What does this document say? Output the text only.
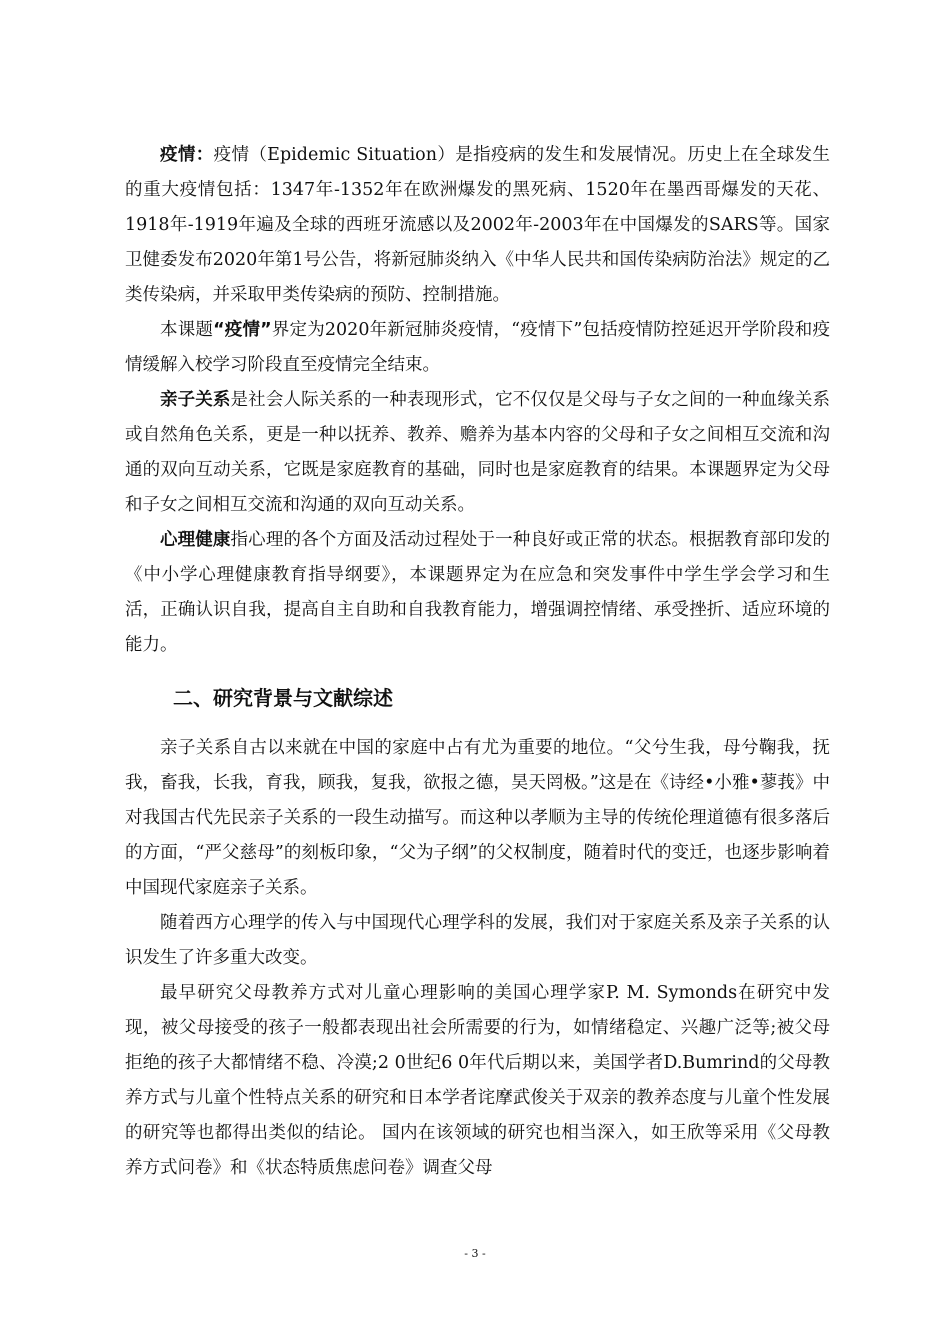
疫情：疫情（Epidemic Situation）是指疫病的发生和发展情况。历史上在全球发生的重大疫情包括：1347年-1352年在欧洲爆发的黑死病、1520年在墨西哥爆发的天花、1918年-1919年遍及全球的西班牙流感以及2002年-2003年在中国爆发的SARS等。国家卫健委发布2020年第1号公告，将新冠肺炎纳入《中华人民共和国传染病防治法》规定的乙类传染病，并采取甲类传染病的预防、控制措施。

本课题“疫情”界定为2020年新冠肺炎疫情，“疫情下”包括疫情防控延迟开学阶段和疫情缓解入校学习阶段直至疫情完全结束。

亲子关系是社会人际关系的一种表现形式，它不仅仅是父母与子女之间的一种血缘关系或自然角色关系，更是一种以抚养、教养、赡养为基本内容的父母和子女之间相互交流和沟通的双向互动关系，它既是家庭教育的基础，同时也是家庭教育的结果。本课题界定为父母和子女之间相互交流和沟通的双向互动关系。

心理健康指心理的各个方面及活动过程处于一种良好或正常的状态。根据教育部印发的《中小学心理健康教育指导纲要》，本课题界定为在应急和突发事件中学生学会学习和生活，正确认识自我，提高自主自助和自我教育能力，增强调控情绪、承受挫折、适应环境的能力。

二、研究背景与文献综述

亲子关系自古以来就在中国的家庭中占有尤为重要的地位。“父兮生我，母兮鞠我，抚我，畜我，长我，育我，顾我，复我，欲报之德，昊天罔极。”这是在《诗经•小雅•蓼莪》中对我国古代先民亲子关系的一段生动描写。而这种以孝顺为主导的传统伦理道德有很多落后的方面，“严父慈母”的刻板印象，“父为子纲”的父权制度，随着时代的变迁，也逐步影响着中国现代家庭亲子关系。

随着西方心理学的传入与中国现代心理学科的发展，我们对于家庭关系及亲子关系的认识发生了许多重大改变。

最早研究父母教养方式对儿童心理影响的美国心理学家P. M. Symonds在研究中发现，被父母接受的孩子一般都表现出社会所需要的行为，如情绪稳定、兴趣广泛等;被父母拒绝的孩子大都情绪不稳、冷漠;2 0世纪6 0年代后期以来，美国学者D.Bumrind的父母教养方式与儿童个性特点关系的研究和日本学者诧摩武俊关于双亲的教养态度与儿童个性发展的研究等也都得出类似的结论。 国内在该领域的研究也相当深入，如王欣等采用《父母教养方式问卷》和《状态特质焦虑问卷》调查父母

- 3 -
